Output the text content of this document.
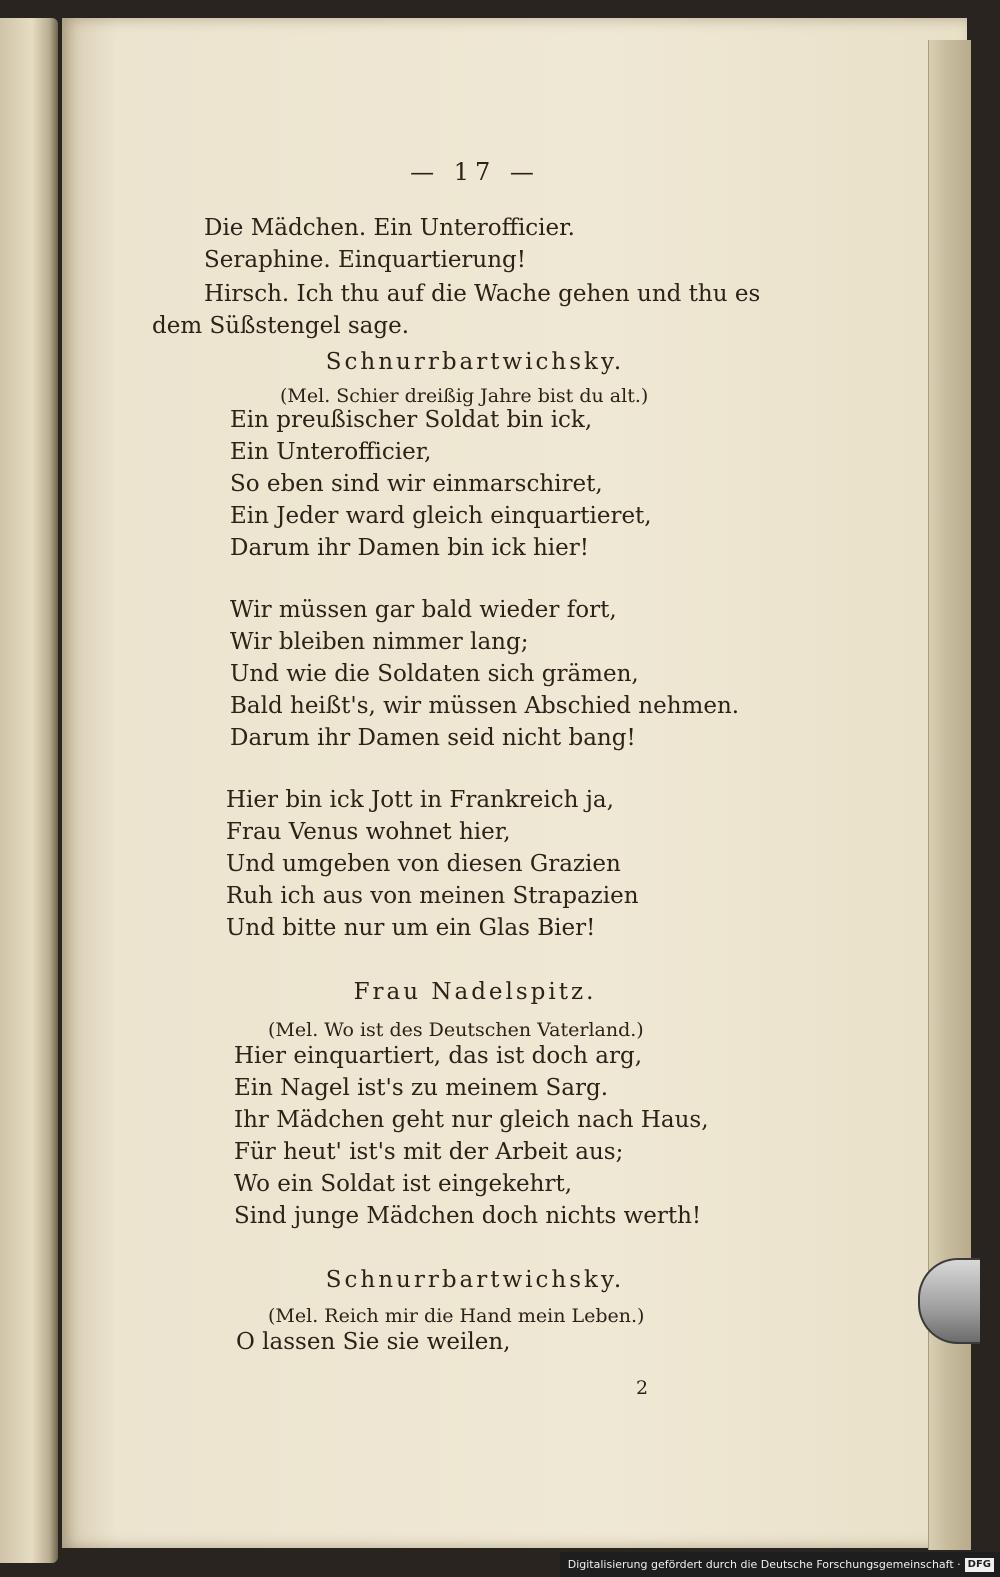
— 17 —
Die Mädchen. Ein Unterofficier.
Seraphine. Einquartierung!
Hirsch. Ich thu auf die Wache gehen und thu es
dem Süßstengel sage.
Schnurrbartwichsky.
(Mel. Schier dreißig Jahre bist du alt.)
Ein preußischer Soldat bin ick,
Ein Unterofficier,
So eben sind wir einmarschiret,
Ein Jeder ward gleich einquartieret,
Darum ihr Damen bin ick hier!
Wir müssen gar bald wieder fort,
Wir bleiben nimmer lang;
Und wie die Soldaten sich grämen,
Bald heißt's, wir müssen Abschied nehmen.
Darum ihr Damen seid nicht bang!
Hier bin ick Jott in Frankreich ja,
Frau Venus wohnet hier,
Und umgeben von diesen Grazien
Ruh ich aus von meinen Strapazien
Und bitte nur um ein Glas Bier!
Frau Nadelspitz.
(Mel. Wo ist des Deutschen Vaterland.)
Hier einquartiert, das ist doch arg,
Ein Nagel ist's zu meinem Sarg.
Ihr Mädchen geht nur gleich nach Haus,
Für heut' ist's mit der Arbeit aus;
Wo ein Soldat ist eingekehrt,
Sind junge Mädchen doch nichts werth!
Schnurrbartwichsky.
(Mel. Reich mir die Hand mein Leben.)
O lassen Sie sie weilen,
2
Digitalisierung gefördert durch die Deutsche Forschungsgemeinschaft · DFG
